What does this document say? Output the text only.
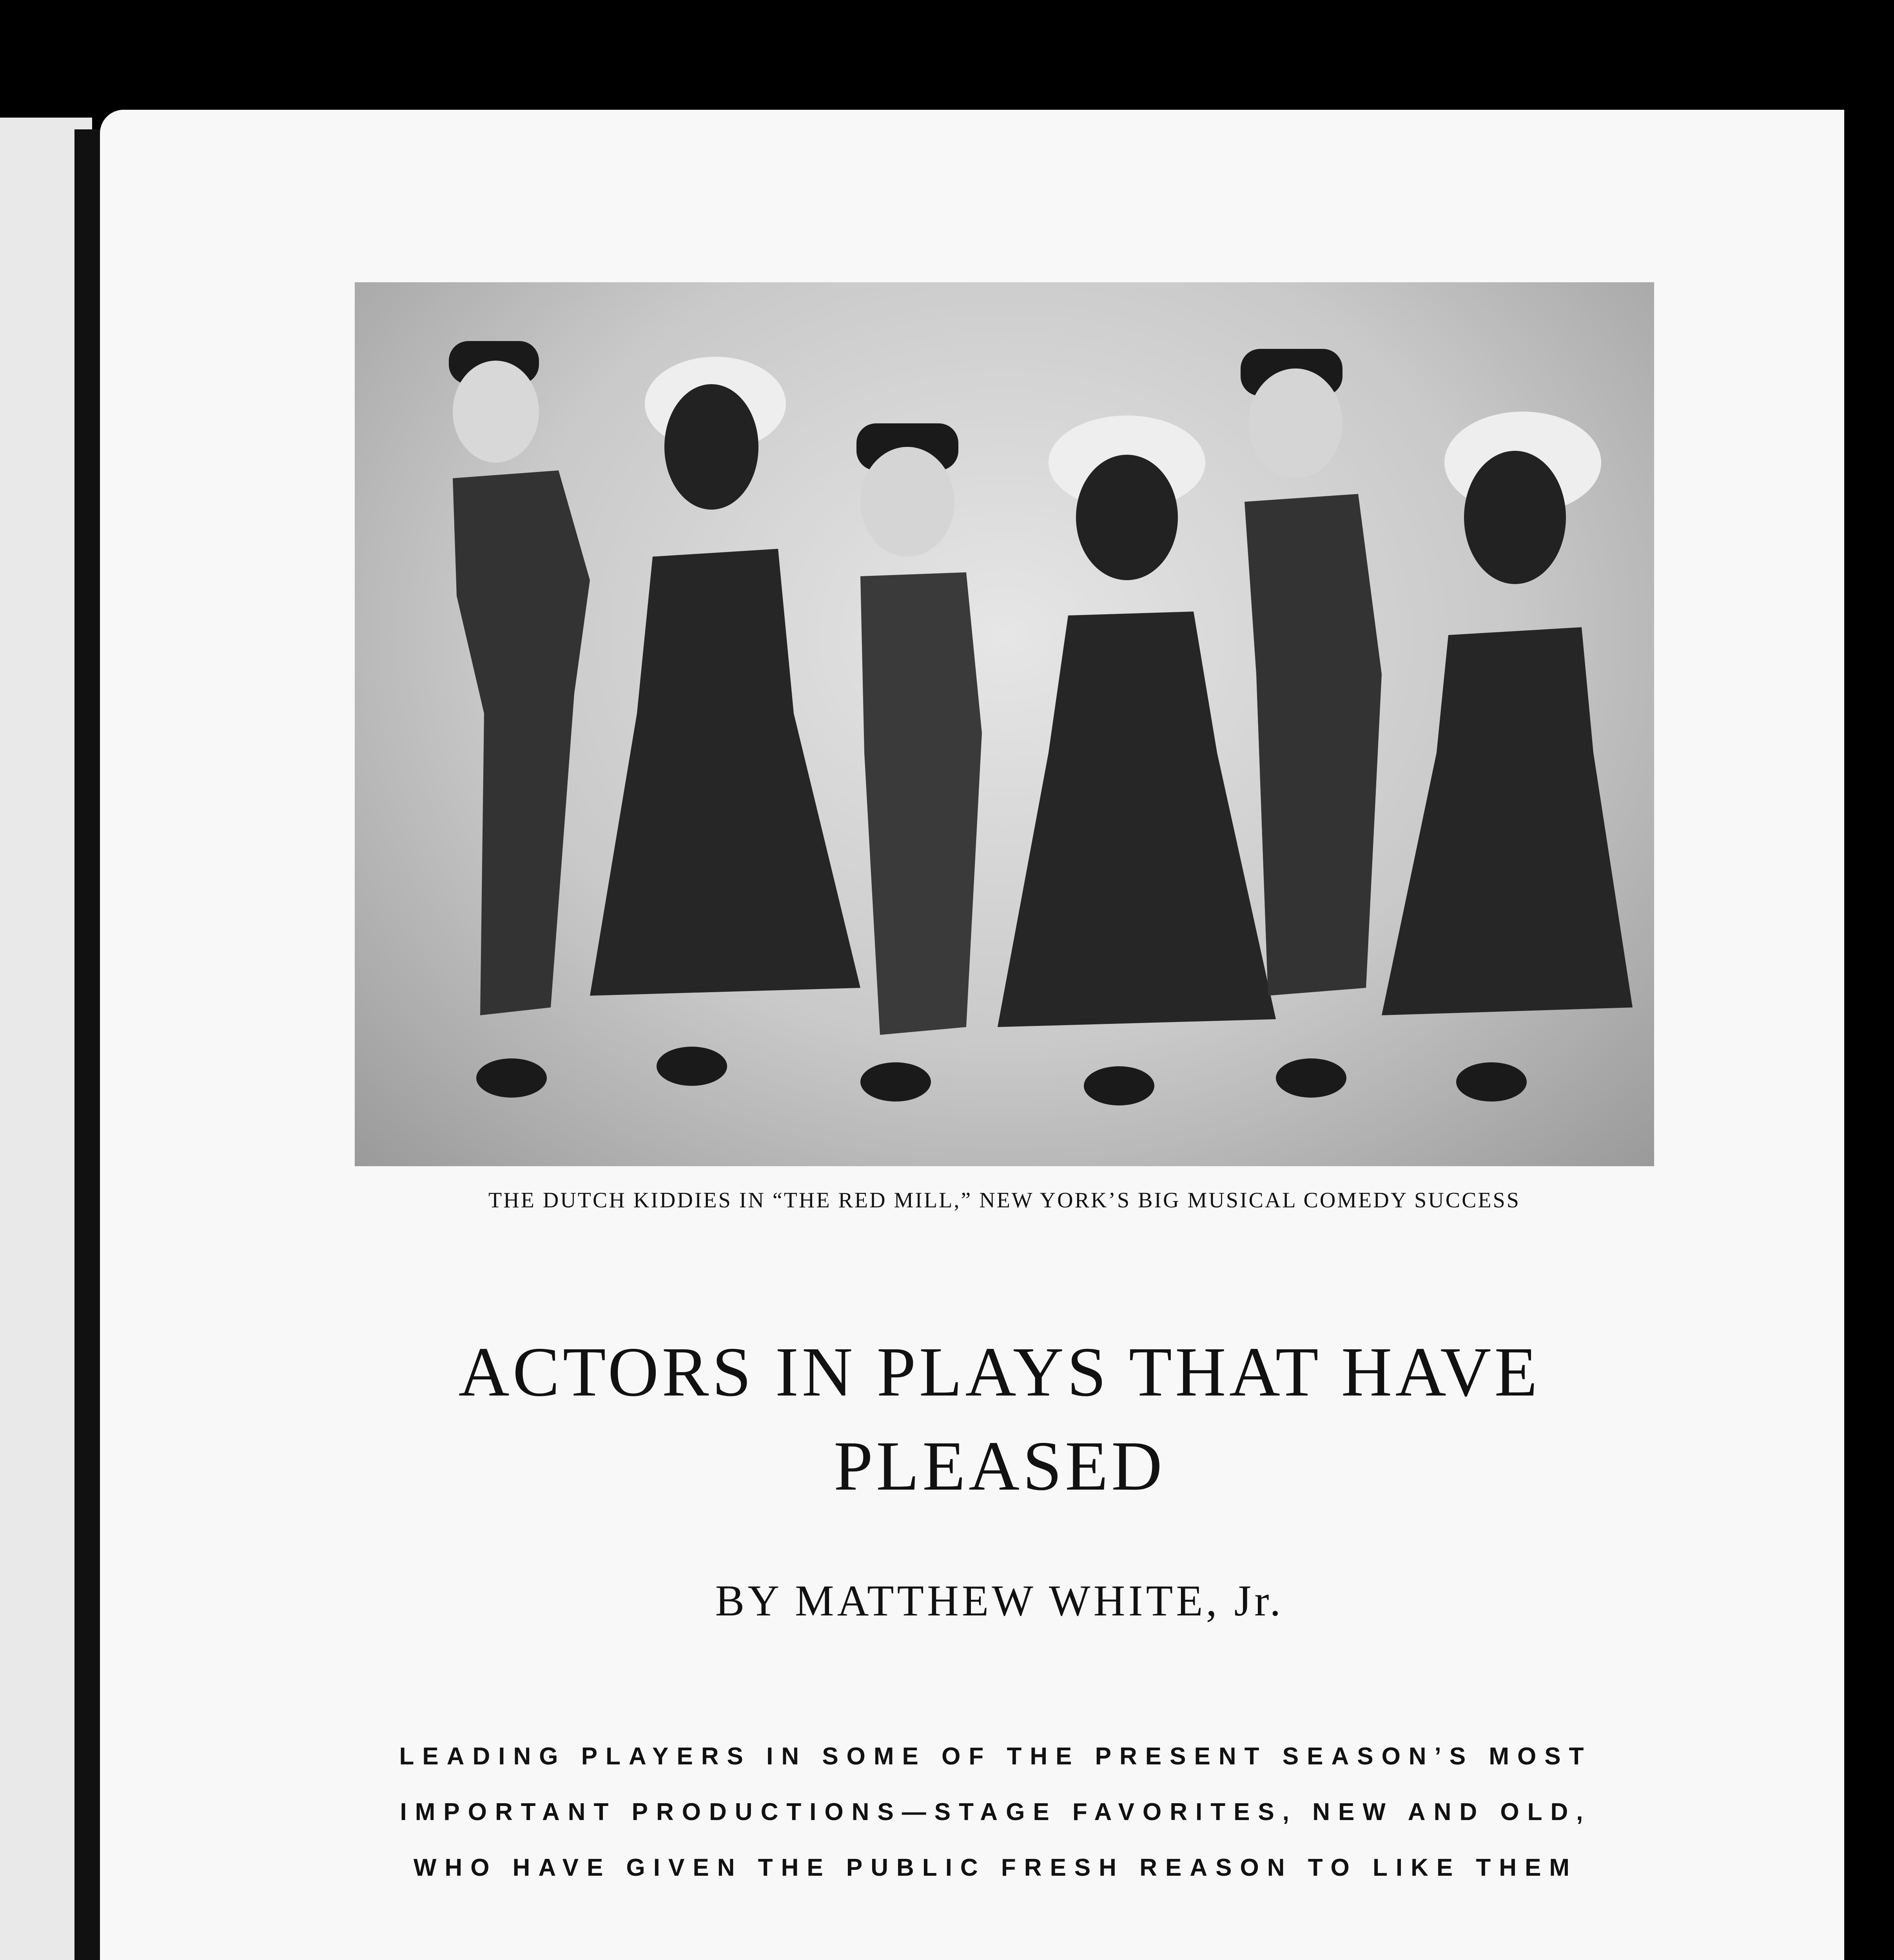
THE DUTCH KIDDIES IN “THE RED MILL,” NEW YORK’S BIG MUSICAL COMEDY SUCCESS
ACTORS IN PLAYS THAT HAVE
PLEASED
BY MATTHEW WHITE, Jr.
LEADING PLAYERS IN SOME OF THE PRESENT SEASON’S MOST
IMPORTANT PRODUCTIONS—STAGE FAVORITES, NEW AND OLD,
WHO HAVE GIVEN THE PUBLIC FRESH REASON TO LIKE THEM
